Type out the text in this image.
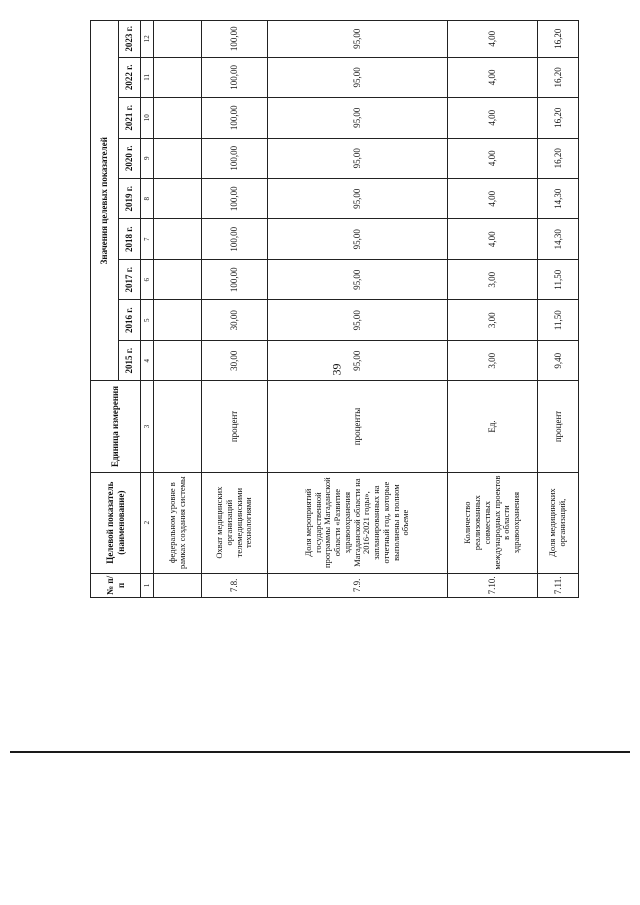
39
№ п/п	Целевой показатель (наименование)	Единица измерения	Значения целевых показателей								
			2015 г.	2016 г.	2017 г.	2018 г.	2019 г.	2020 г.	2021 г.	2022 г.	2023 г.
1	2	3	4	5	6	7	8	9	10	11	12
	федеральном уровне в рамках создания системы										
7.8.	Охват медицинских организаций телемедицинскими технологиями	процент	30,00	30,00	100,00	100,00	100,00	100,00	100,00	100,00	100,00
7.9.	Доля мероприятий государственной программы Магаданской области «Развитие здравоохранения Магаданской области на 2016-2021 годы», запланированных на отчетный год, которые выполнены в полном объеме	проценты	95,00	95,00	95,00	95,00	95,00	95,00	95,00	95,00	95,00
7.10.	Количество реализованных совместных международных проектов в области здравоохранения	Ед.	3,00	3,00	3,00	4,00	4,00	4,00	4,00	4,00	4,00
7.11.	Доля медицинских организаций,	процент	9,40	11,50	11,50	14,30	14,30	16,20	16,20	16,20	16,20
